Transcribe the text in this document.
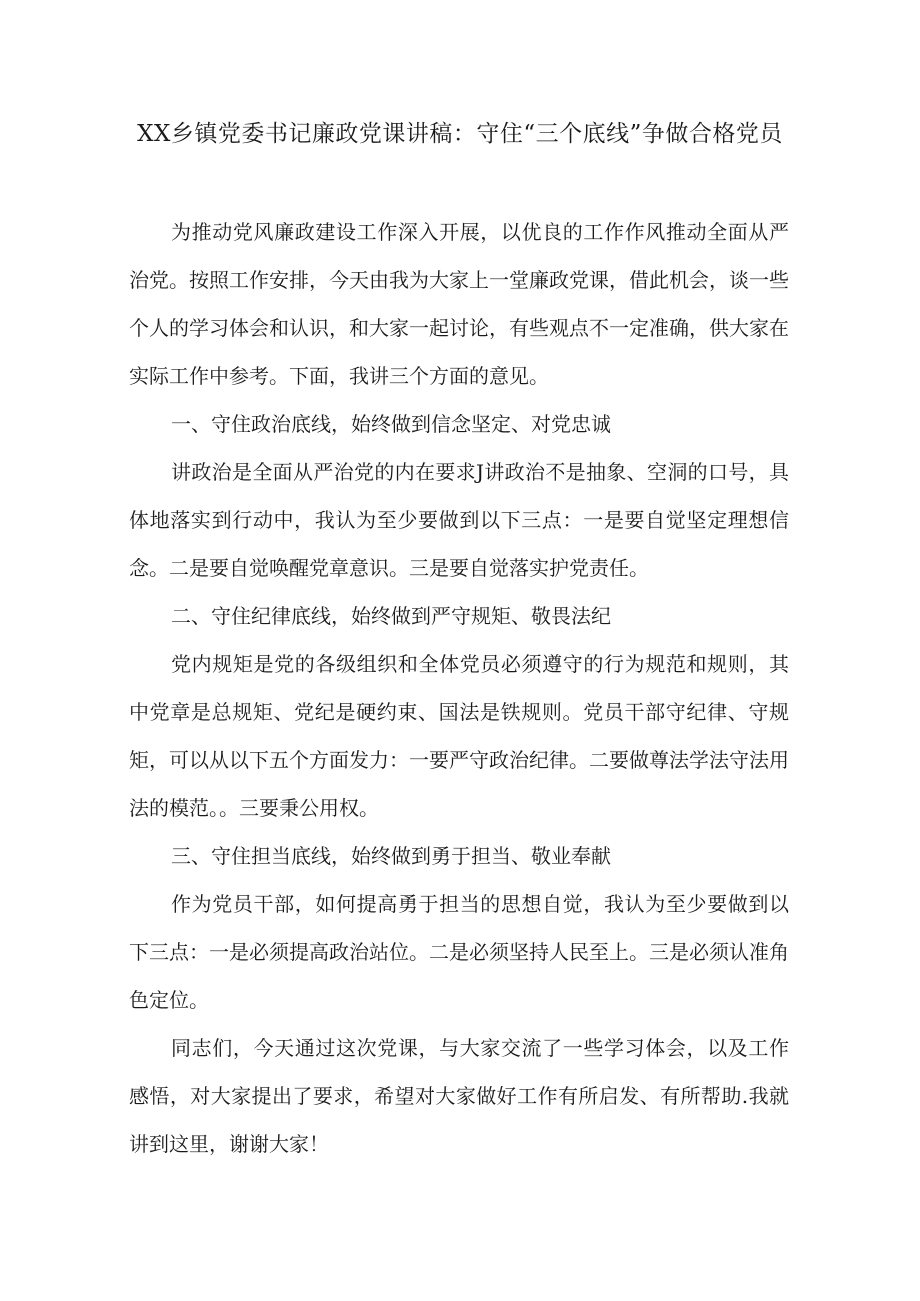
XX乡镇党委书记廉政党课讲稿：守住“三个底线”争做合格党员

为推动党风廉政建设工作深入开展，以优良的工作作风推动全面从严治党。按照工作安排，今天由我为大家上一堂廉政党课，借此机会，谈一些个人的学习体会和认识，和大家一起讨论，有些观点不一定准确，供大家在实际工作中参考。下面，我讲三个方面的意见。

一、守住政治底线，始终做到信念坚定、对党忠诚

讲政治是全面从严治党的内在要求J讲政治不是抽象、空洞的口号，具体地落实到行动中，我认为至少要做到以下三点：一是要自觉坚定理想信念。二是要自觉唤醒党章意识。三是要自觉落实护党责任。

二、守住纪律底线，始终做到严守规矩、敬畏法纪

党内规矩是党的各级组织和全体党员必须遵守的行为规范和规则，其中党章是总规矩、党纪是硬约束、国法是铁规则。党员干部守纪律、守规矩，可以从以下五个方面发力：一要严守政治纪律。二要做尊法学法守法用法的模范。。三要秉公用权。

三、守住担当底线，始终做到勇于担当、敬业奉献

作为党员干部，如何提高勇于担当的思想自觉，我认为至少要做到以下三点：一是必须提高政治站位。二是必须坚持人民至上。三是必须认准角色定位。

同志们，今天通过这次党课，与大家交流了一些学习体会，以及工作感悟，对大家提出了要求，希望对大家做好工作有所启发、有所帮助.我就讲到这里，谢谢大家！
